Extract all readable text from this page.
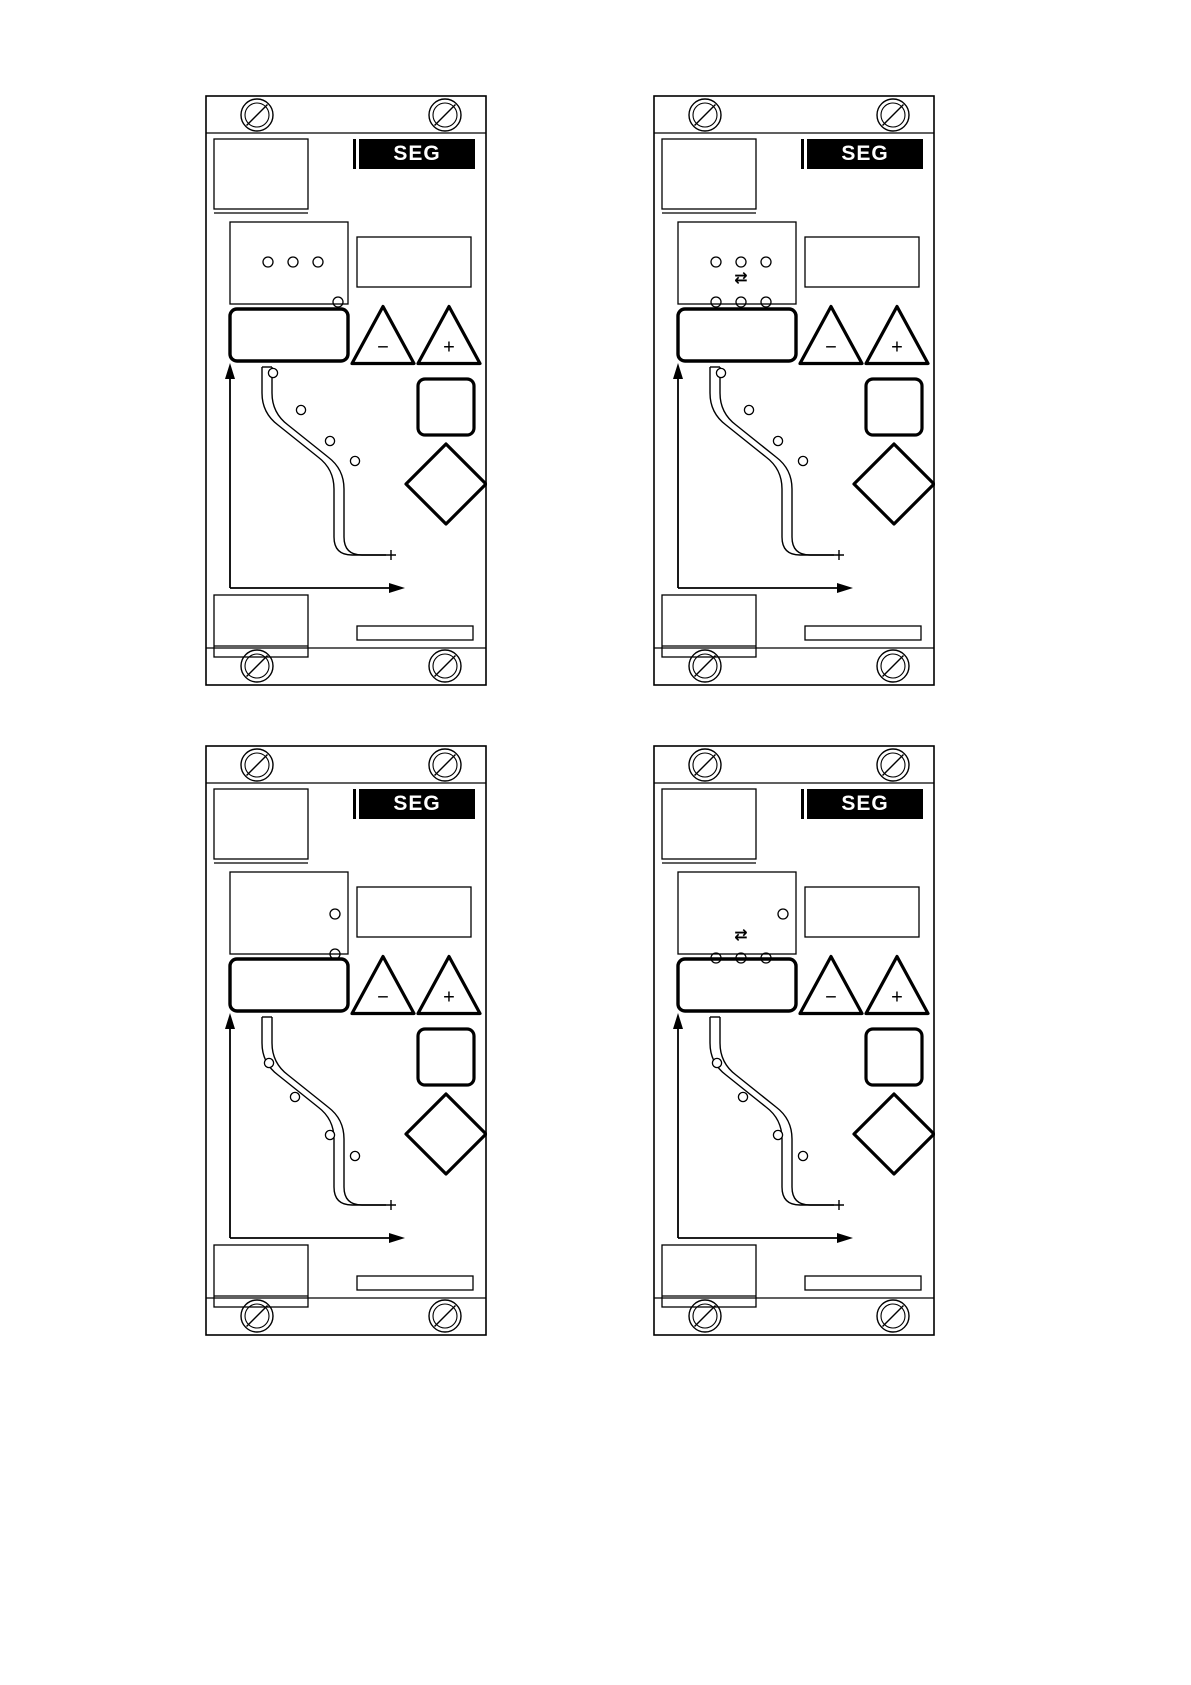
SEG
−	+
SEG
⇄
−	+
SEG
−	+
SEG
⇄
−	+
